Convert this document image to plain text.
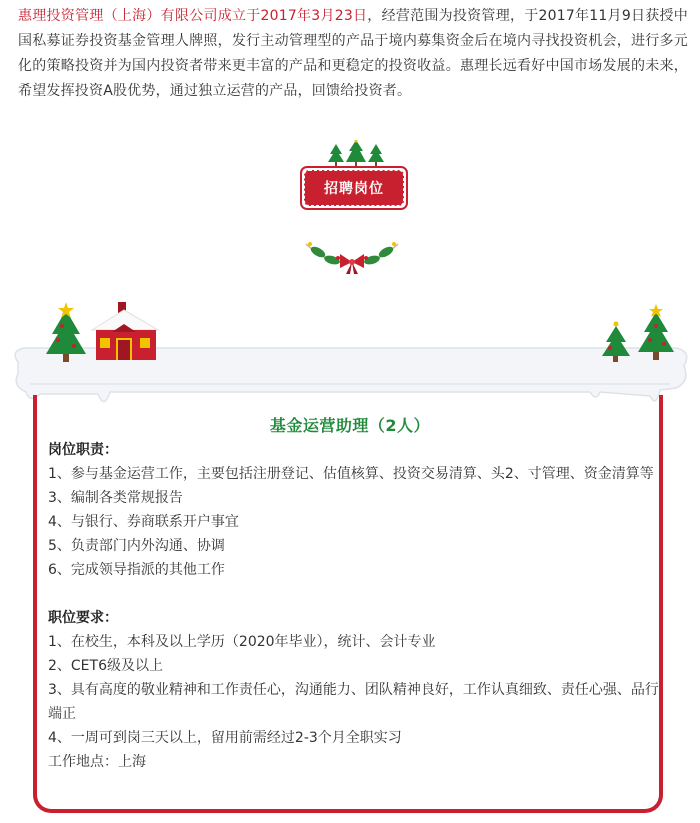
惠理投资管理（上海）有限公司成立于2017年3月23日，经营范围为投资管理，于2017年11月9日获授中国私募证券投资基金管理人牌照，发行主动管理型的产品于境内募集资金后在境内寻找投资机会，进行多元化的策略投资并为国内投资者带来更丰富的产品和更稳定的投资收益。惠理长远看好中国市场发展的未来，希望发挥投资A股优势，通过独立运营的产品，回馈给投资者。
招聘岗位
基金运营助理（2人）
岗位职责：
1、参与基金运营工作，主要包括注册登记、估值核算、投资交易清算、头2、寸管理、资金清算等
3、编制各类常规报告
4、与银行、券商联系开户事宜
5、负责部门内外沟通、协调
6、完成领导指派的其他工作
职位要求：
1、在校生，本科及以上学历（2020年毕业），统计、会计专业
2、CET6级及以上
3、具有高度的敬业精神和工作责任心，沟通能力、团队精神良好，工作认真细致、责任心强、品行端正
4、一周可到岗三天以上，留用前需经过2-3个月全职实习
工作地点：上海
